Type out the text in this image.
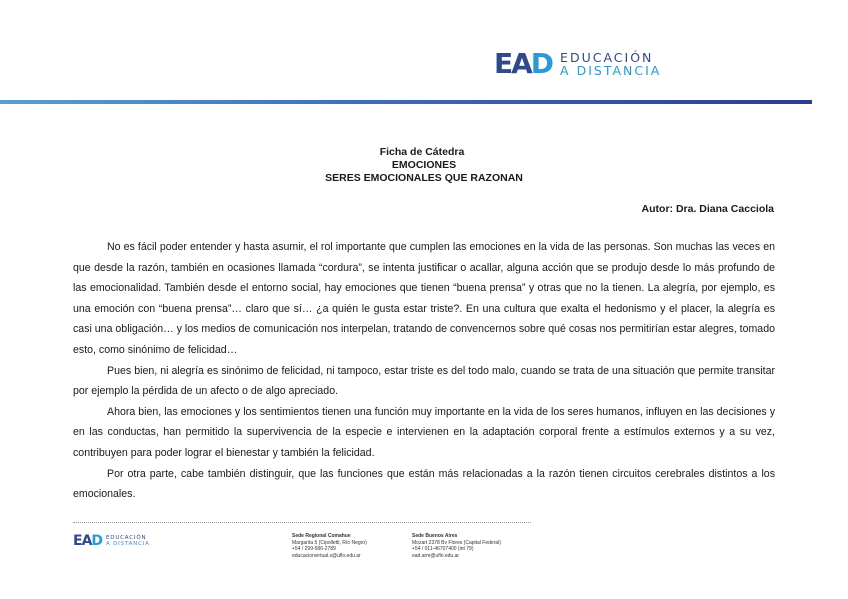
EAD EDUCACIÓN
A DISTANCIA
Ficha de Cátedra
EMOCIONES
SERES EMOCIONALES QUE RAZONAN
Autor: Dra. Diana Cacciola

No es fácil poder entender y hasta asumir, el rol importante que cumplen las emociones en la vida de las personas. Son muchas las veces en que desde la razón, también en ocasiones llamada “cordura”, se intenta justificar o acallar, alguna acción que se produjo desde lo más profundo de las emocionalidad. También desde el entorno social, hay emociones que tienen “buena prensa” y otras que no la tienen. La alegría, por ejemplo, es una emoción con “buena prensa”… claro que sí… ¿a quién le gusta estar triste?. En una cultura que exalta el hedonismo y el placer, la alegría es casi una obligación… y los medios de comunicación nos interpelan, tratando de convencernos sobre qué cosas nos permitirían estar alegres, tomado esto, como sinónimo de felicidad…

Pues bien, ni alegría es sinónimo de felicidad, ni tampoco, estar triste es del todo malo, cuando se trata de una situación que permite transitar por ejemplo la pérdida de un afecto o de algo apreciado.

Ahora bien, las emociones y los sentimientos tienen una función muy importante en la vida de los seres humanos, influyen en las decisiones y en las conductas, han permitido la supervivencia de la especie e intervienen en la adaptación corporal frente a estímulos externos y a su vez, contribuyen para poder lograr el bienestar y también la felicidad.

Por otra parte, cabe también distinguir, que las funciones que están más relacionadas a la razón tienen circuitos cerebrales distintos a los emocionales.

EAD EDUCACIÓN
A DISTANCIA
Sede Regional Comahue
Margarita 5 (Cipolletti, Río Negro)
+54 / 299-586-2789
educacionvirtual.s@uflo.edu.ar
Sede Buenos Aires
Mozart 2378 Bv Flores (Capital Federal)
+54 / 011-46707400 (int 79)
ead.arm@uflo.edu.ar
